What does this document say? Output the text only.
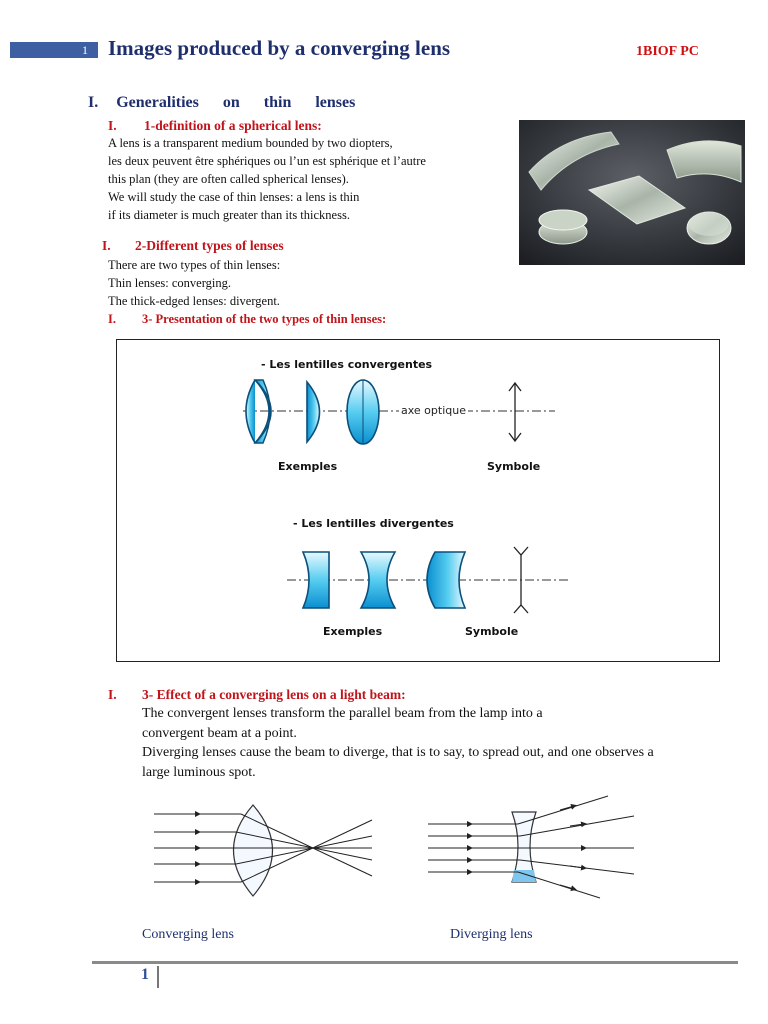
1 Images produced by a converging lens	1BIOF PC
I. Generalities on thin lenses
I. 1-definition of a spherical lens:
A lens is a transparent medium bounded by two diopters,
les deux peuvent être sphériques ou l’un est sphérique et l’autre
this plan (they are often called spherical lenses).
We will study the case of thin lenses: a lens is thin
if its diameter is much greater than its thickness.
I. 2-Different types of lenses
There are two types of thin lenses:
Thin lenses: converging.
The thick-edged lenses: divergent.
I. 3- Presentation of the two types of thin lenses:
- Les lentilles convergentes
axe optique
Exemples	Symbole
- Les lentilles divergentes
Exemples	Symbole
I. 3- Effect of a converging lens on a light beam:
The convergent lenses transform the parallel beam from the lamp into a
convergent beam at a point.
Diverging lenses cause the beam to diverge, that is to say, to spread out, and one observes a
large luminous spot.
Converging lens	Diverging lens
1
